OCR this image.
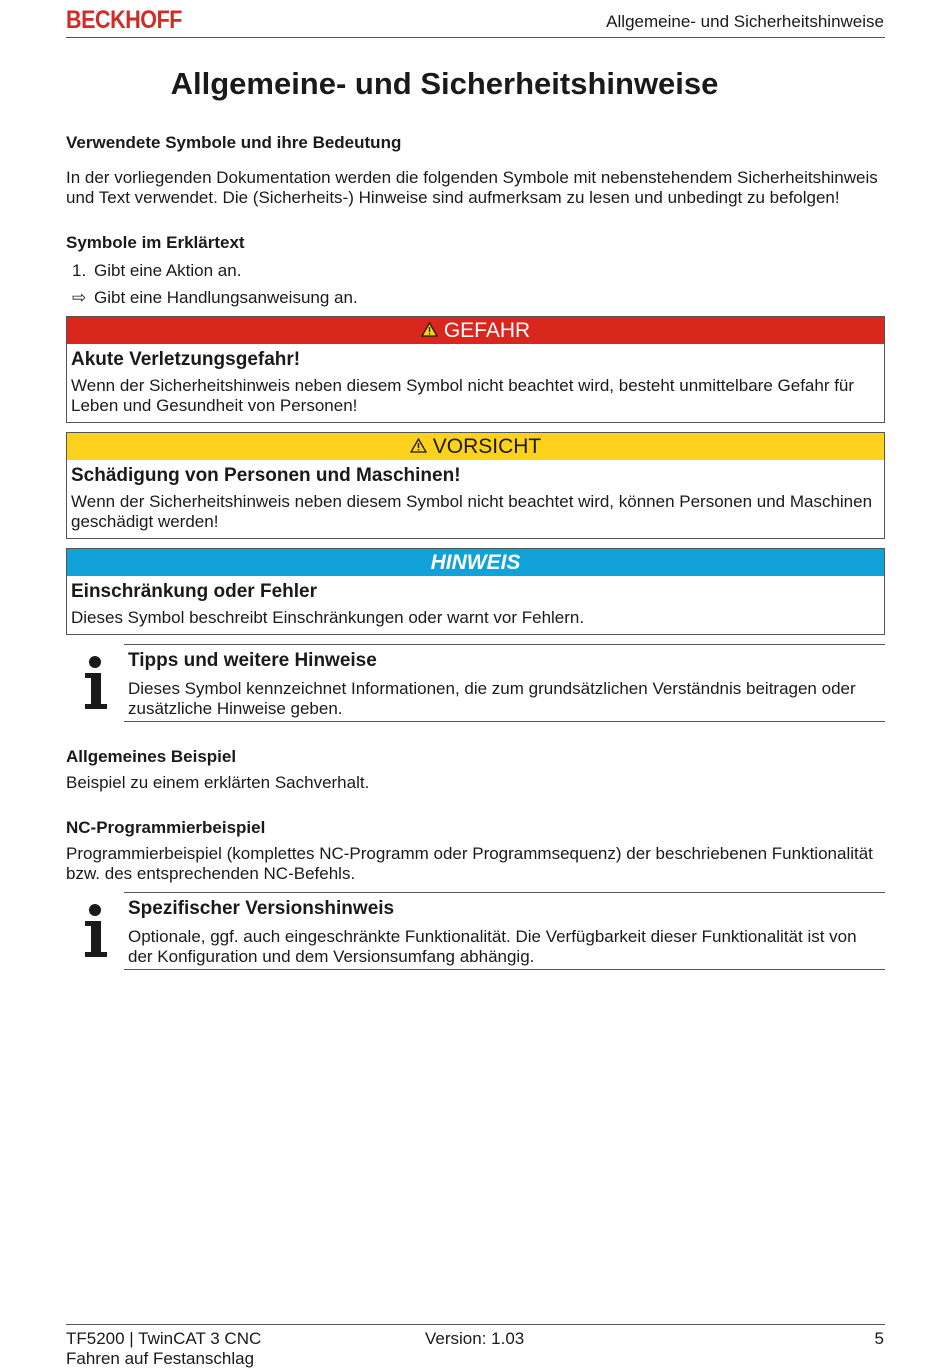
BECKHOFF	Allgemeine- und Sicherheitshinweise
Allgemeine- und Sicherheitshinweise
Verwendete Symbole und ihre Bedeutung
In der vorliegenden Dokumentation werden die folgenden Symbole mit nebenstehendem Sicherheitshinweis und Text verwendet. Die (Sicherheits-) Hinweise sind aufmerksam zu lesen und unbedingt zu befolgen!
Symbole im Erklärtext
1. Gibt eine Aktion an.
⇨ Gibt eine Handlungsanweisung an.
GEFAHR
Akute Verletzungsgefahr!
Wenn der Sicherheitshinweis neben diesem Symbol nicht beachtet wird, besteht unmittelbare Gefahr für Leben und Gesundheit von Personen!
VORSICHT
Schädigung von Personen und Maschinen!
Wenn der Sicherheitshinweis neben diesem Symbol nicht beachtet wird, können Personen und Maschinen geschädigt werden!
HINWEIS
Einschränkung oder Fehler
Dieses Symbol beschreibt Einschränkungen oder warnt vor Fehlern.
Tipps und weitere Hinweise
Dieses Symbol kennzeichnet Informationen, die zum grundsätzlichen Verständnis beitragen oder zusätzliche Hinweise geben.
Allgemeines Beispiel
Beispiel zu einem erklärten Sachverhalt.
NC-Programmierbeispiel
Programmierbeispiel (komplettes NC-Programm oder Programmsequenz) der beschriebenen Funktionalität bzw. des entsprechenden NC-Befehls.
Spezifischer Versionshinweis
Optionale, ggf. auch eingeschränkte Funktionalität. Die Verfügbarkeit dieser Funktionalität ist von der Konfiguration und dem Versionsumfang abhängig.
TF5200 | TwinCAT 3 CNC
Fahren auf Festanschlag
Version: 1.03	5
